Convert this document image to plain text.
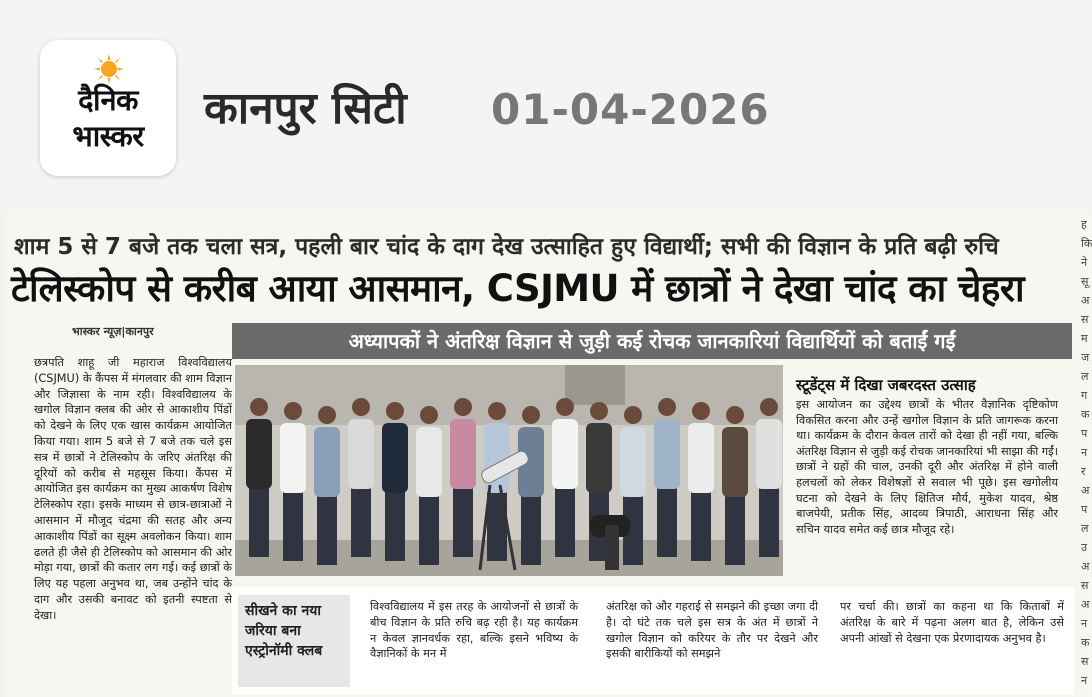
दैनिक
भास्कर
कानपुर सिटी 01-04-2026
शाम 5 से 7 बजे तक चला सत्र, पहली बार चांद के दाग देख उत्साहित हुए विद्यार्थी; सभी की विज्ञान के प्रति बढ़ी रुचि
टेलिस्कोप से करीब आया आसमान, CSJMU में छात्रों ने देखा चांद का चेहरा
भास्कर न्यूज़|कानपुर

छत्रपति शाहू जी महाराज विश्वविद्यालय (CSJMU) के कैंपस में मंगलवार की शाम विज्ञान और जिज्ञासा के नाम रही। विश्वविद्यालय के खगोल विज्ञान क्लब की ओर से आकाशीय पिंडों को देखने के लिए एक खास कार्यक्रम आयोजित किया गया। शाम 5 बजे से 7 बजे तक चले इस सत्र में छात्रों ने टेलिस्कोप के जरिए अंतरिक्ष की दूरियों को करीब से महसूस किया। कैंपस में आयोजित इस कार्यक्रम का मुख्य आकर्षण विशेष टेलिस्कोप रहा। इसके माध्यम से छात्र-छात्राओं ने आसमान में मौजूद चंद्रमा की सतह और अन्य आकाशीय पिंडों का सूक्ष्म अवलोकन किया। शाम ढलते ही जैसे ही टेलिस्कोप को आसमान की ओर मोड़ा गया, छात्रों की कतार लग गई। कई छात्रों के लिए यह पहला अनुभव था, जब उन्होंने चांद के दाग और उसकी बनावट को इतनी स्पष्टता से देखा।

अध्यापकों ने अंतरिक्ष विज्ञान से जुड़ी कई रोचक जानकारियां विद्यार्थियों को बताईं गईं
स्टूडेंट्स में दिखा जबरदस्त उत्साह
इस आयोजन का उद्देश्य छात्रों के भीतर वैज्ञानिक दृष्टिकोण विकसित करना और उन्हें खगोल विज्ञान के प्रति जागरूक करना था। कार्यक्रम के दौरान केवल तारों को देखा ही नहीं गया, बल्कि अंतरिक्ष विज्ञान से जुड़ी कई रोचक जानकारियां भी साझा की गईं। छात्रों ने ग्रहों की चाल, उनकी दूरी और अंतरिक्ष में होने वाली हलचलों को लेकर विशेषज्ञों से सवाल भी पूछे। इस खगोलीय घटना को देखने के लिए क्षितिज मौर्य, मुकेश यादव, श्रेष्ठ बाजपेयी, प्रतीक सिंह, आदव्य त्रिपाठी, आराधना सिंह और सचिन यादव समेत कई छात्र मौजूद रहे।
सीखने का नया जरिया बना एस्ट्रोनॉमी क्लब
विश्वविद्यालय में इस तरह के आयोजनों से छात्रों के बीच विज्ञान के प्रति रुचि बढ़ रही है। यह कार्यक्रम न केवल ज्ञानवर्धक रहा, बल्कि इसने भविष्य के वैज्ञानिकों के मन में
अंतरिक्ष को और गहराई से समझने की इच्छा जगा दी है। दो घंटे तक चले इस सत्र के अंत में छात्रों ने खगोल विज्ञान को करियर के तौर पर देखने और इसकी बारीकियों को समझने
पर चर्चा की। छात्रों का कहना था कि किताबों में अंतरिक्ष के बारे में पढ़ना अलग बात है, लेकिन उसे अपनी आंखों से देखना एक प्रेरणादायक अनुभव है।
ह
कि
ने
सू
अ
स
म
ज
ल
ग
क
प
न
र
अ
प
ल
उ
अ
स
अ
न
क
स
न
